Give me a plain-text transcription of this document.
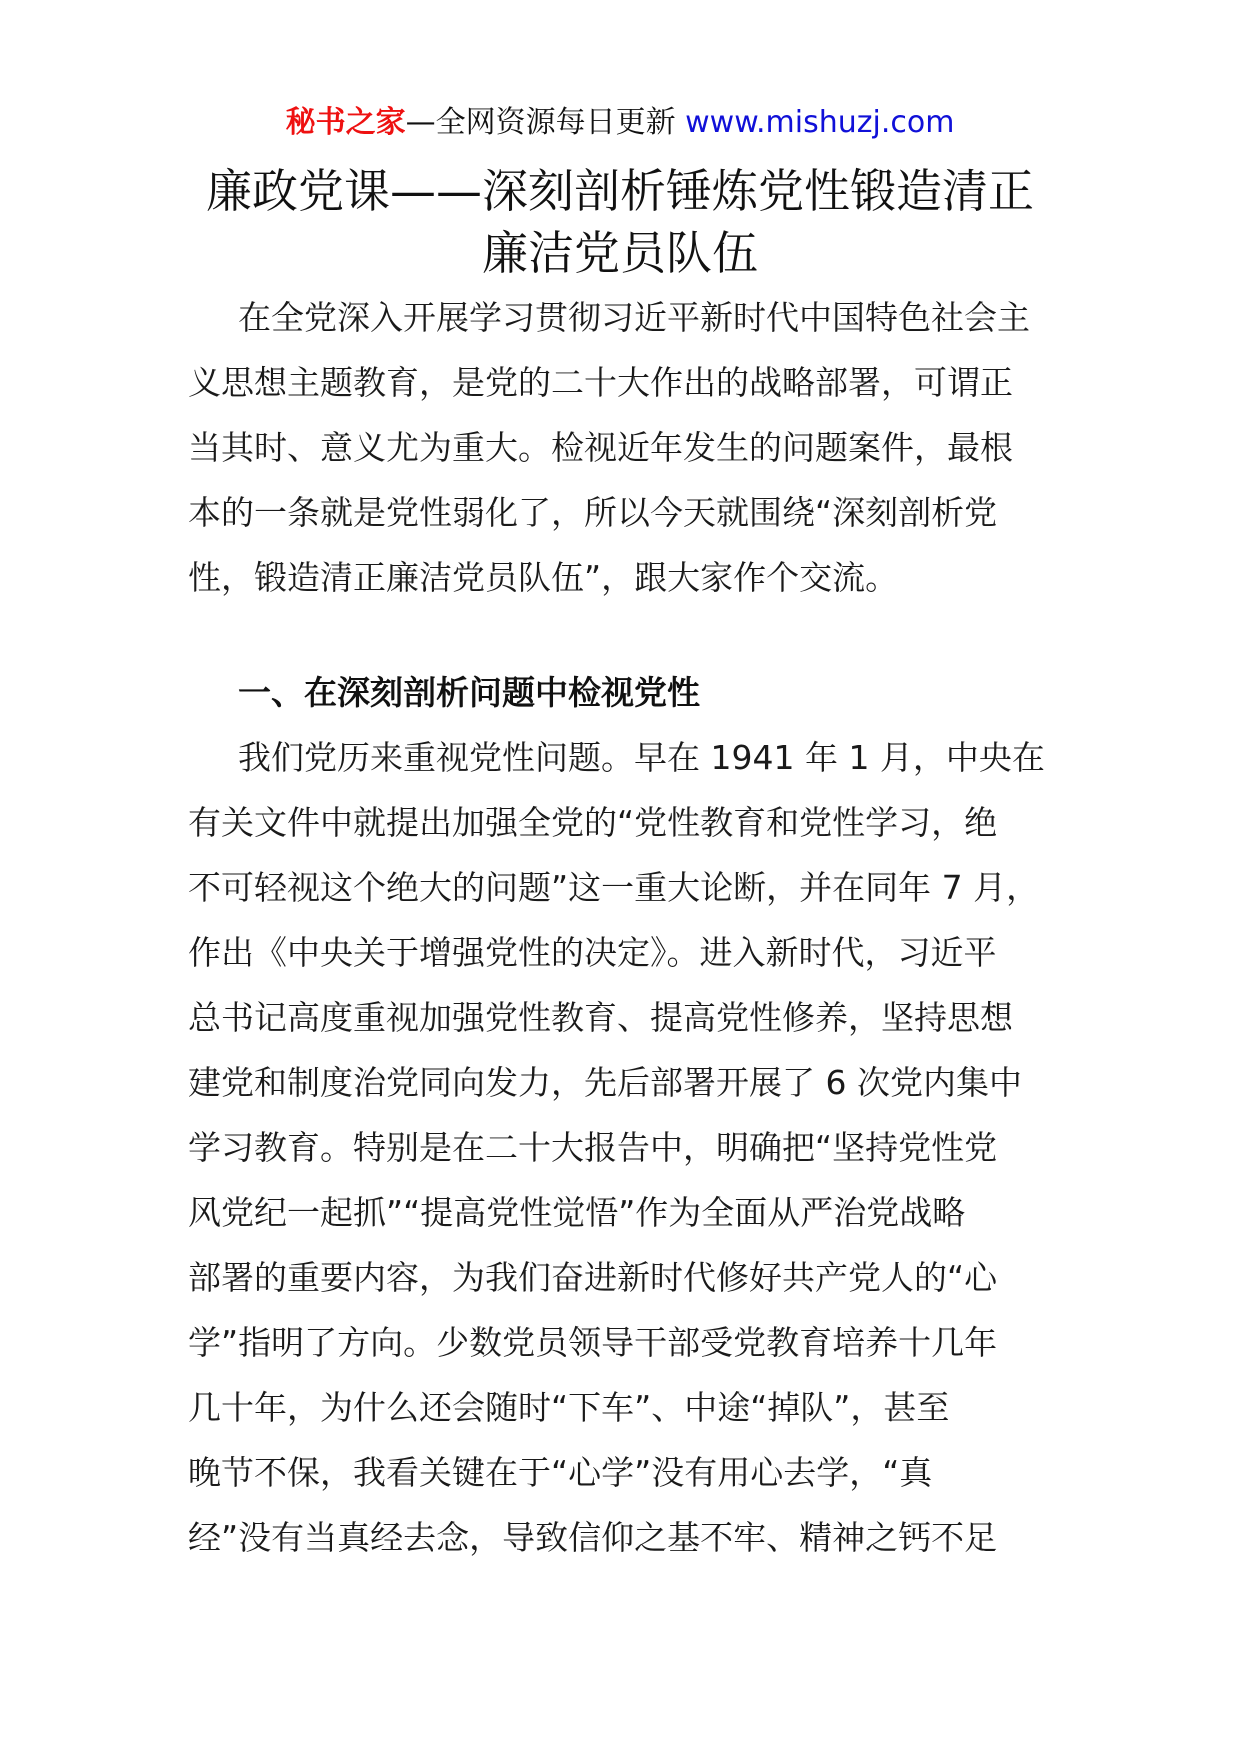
秘书之家—全网资源每日更新 www.mishuzj.com
廉政党课——深刻剖析锤炼党性锻造清正
廉洁党员队伍
在全党深入开展学习贯彻习近平新时代中国特色社会主
义思想主题教育，是党的二十大作出的战略部署，可谓正
当其时、意义尤为重大。检视近年发生的问题案件，最根
本的一条就是党性弱化了，所以今天就围绕“深刻剖析党
性，锻造清正廉洁党员队伍”，跟大家作个交流。
一、在深刻剖析问题中检视党性
我们党历来重视党性问题。早在 1941 年 1 月，中央在
有关文件中就提出加强全党的“党性教育和党性学习，绝
不可轻视这个绝大的问题”这一重大论断，并在同年 7 月，
作出《中央关于增强党性的决定》。进入新时代，习近平
总书记高度重视加强党性教育、提高党性修养，坚持思想
建党和制度治党同向发力，先后部署开展了 6 次党内集中
学习教育。特别是在二十大报告中，明确把“坚持党性党
风党纪一起抓”“提高党性觉悟”作为全面从严治党战略
部署的重要内容，为我们奋进新时代修好共产党人的“心
学”指明了方向。少数党员领导干部受党教育培养十几年
几十年，为什么还会随时“下车”、中途“掉队”，甚至
晚节不保，我看关键在于“心学”没有用心去学，“真
经”没有当真经去念，导致信仰之基不牢、精神之钙不足
